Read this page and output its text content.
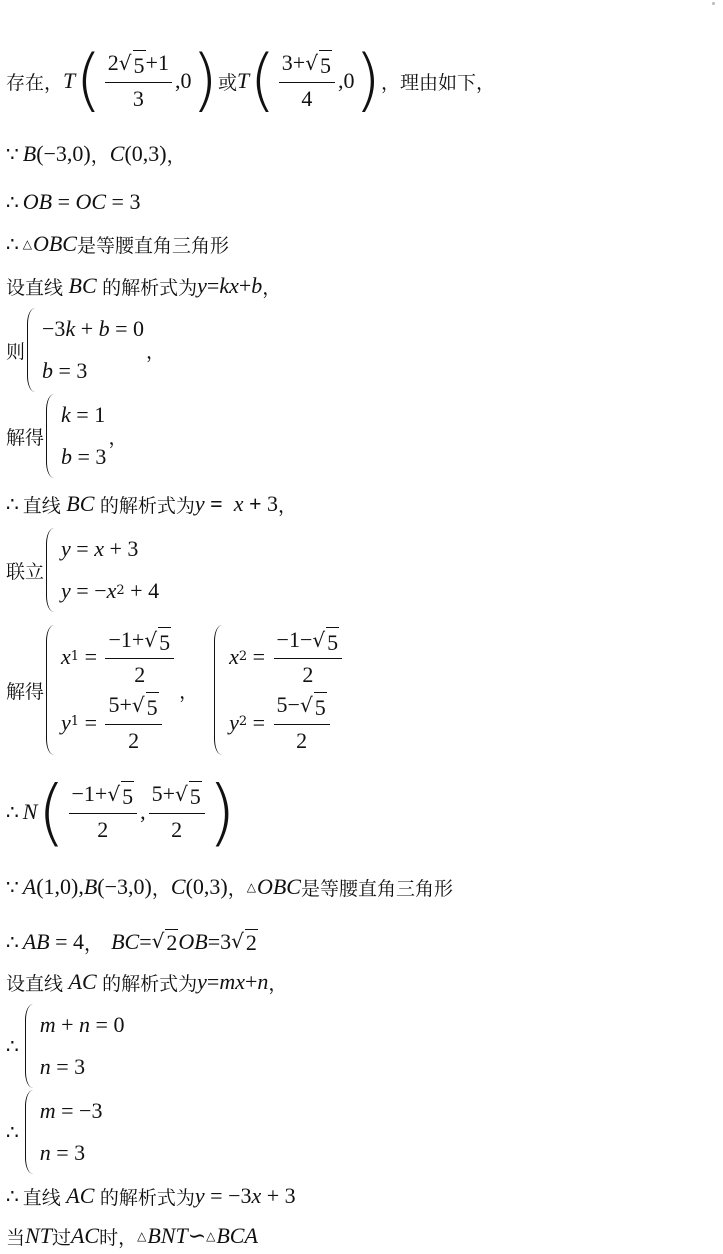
存在， T ( $\frac{2 √ 5 +1}{3} ,0$ ) 或 T ( $\frac{3+ √ 5}{4} ,0$ ) ，理由如下，
∵ B (−3,0) ， C (0,3) ，
∴ OB = OC = 3
∴ △ OBC 是等腰直角三角形
设直线 BC 的解析式为 y = kx + b ，
则
−3 k + b = 0
b = 3
，
解得
k = 1
b = 3
，
∴ 直线 BC 的解析式为 y = x + 3 ，
联立
y = x + 3
y = − x 2 + 4
解得
x $1 = \frac{-1+ √ 5}{2}$
y $1 = \frac{5+ √ 5}{2}$ ，
x $2 = \frac{-1- √ 5}{2}$
y $2 = \frac{5- √ 5}{2}$
∴ N ( $\frac{-1+ √ 5}{2}$ , $\frac{5+ √ 5}{2}$ )
∵ A (1,0), B (−3,0) ， C (0,3) ， △ OBC 是等腰直角三角形
∴ AB = 4 ， BC = √ 2 OB =3 √ 2
设直线 AC 的解析式为 y = mx + n ，
∴
m + n = 0
n = 3
∴
m = −3
n = 3
∴ 直线 AC 的解析式为 y = −3 x + 3
当 NT 过 AC 时， △ BNT ∽ △ BCA
